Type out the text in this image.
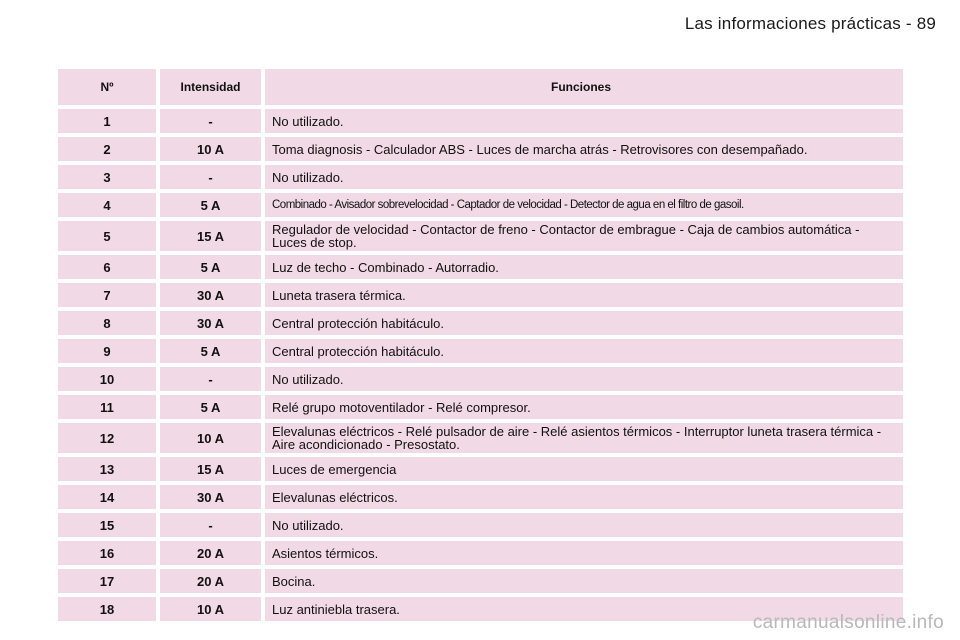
Las informaciones prácticas - 89
Nº	Intensidad	Funciones
1	-	No utilizado.
2	10 A	Toma diagnosis - Calculador ABS - Luces de marcha atrás - Retrovisores con desempañado.
3	-	No utilizado.
4	5 A	Combinado - Avisador sobrevelocidad - Captador de velocidad - Detector de agua en el filtro de gasoil.
5	15 A	Regulador de velocidad - Contactor de freno - Contactor de embrague - Caja de cambios automática - Luces de stop.
6	5 A	Luz de techo - Combinado - Autorradio.
7	30 A	Luneta trasera térmica.
8	30 A	Central protección habitáculo.
9	5 A	Central protección habitáculo.
10	-	No utilizado.
11	5 A	Relé grupo motoventilador - Relé compresor.
12	10 A	Elevalunas eléctricos - Relé pulsador de aire - Relé asientos térmicos - Interruptor luneta trasera térmica - Aire acondicionado - Presostato.
13	15 A	Luces de emergencia
14	30 A	Elevalunas eléctricos.
15	-	No utilizado.
16	20 A	Asientos térmicos.
17	20 A	Bocina.
18	10 A	Luz antiniebla trasera.
carmanualsonline.info
